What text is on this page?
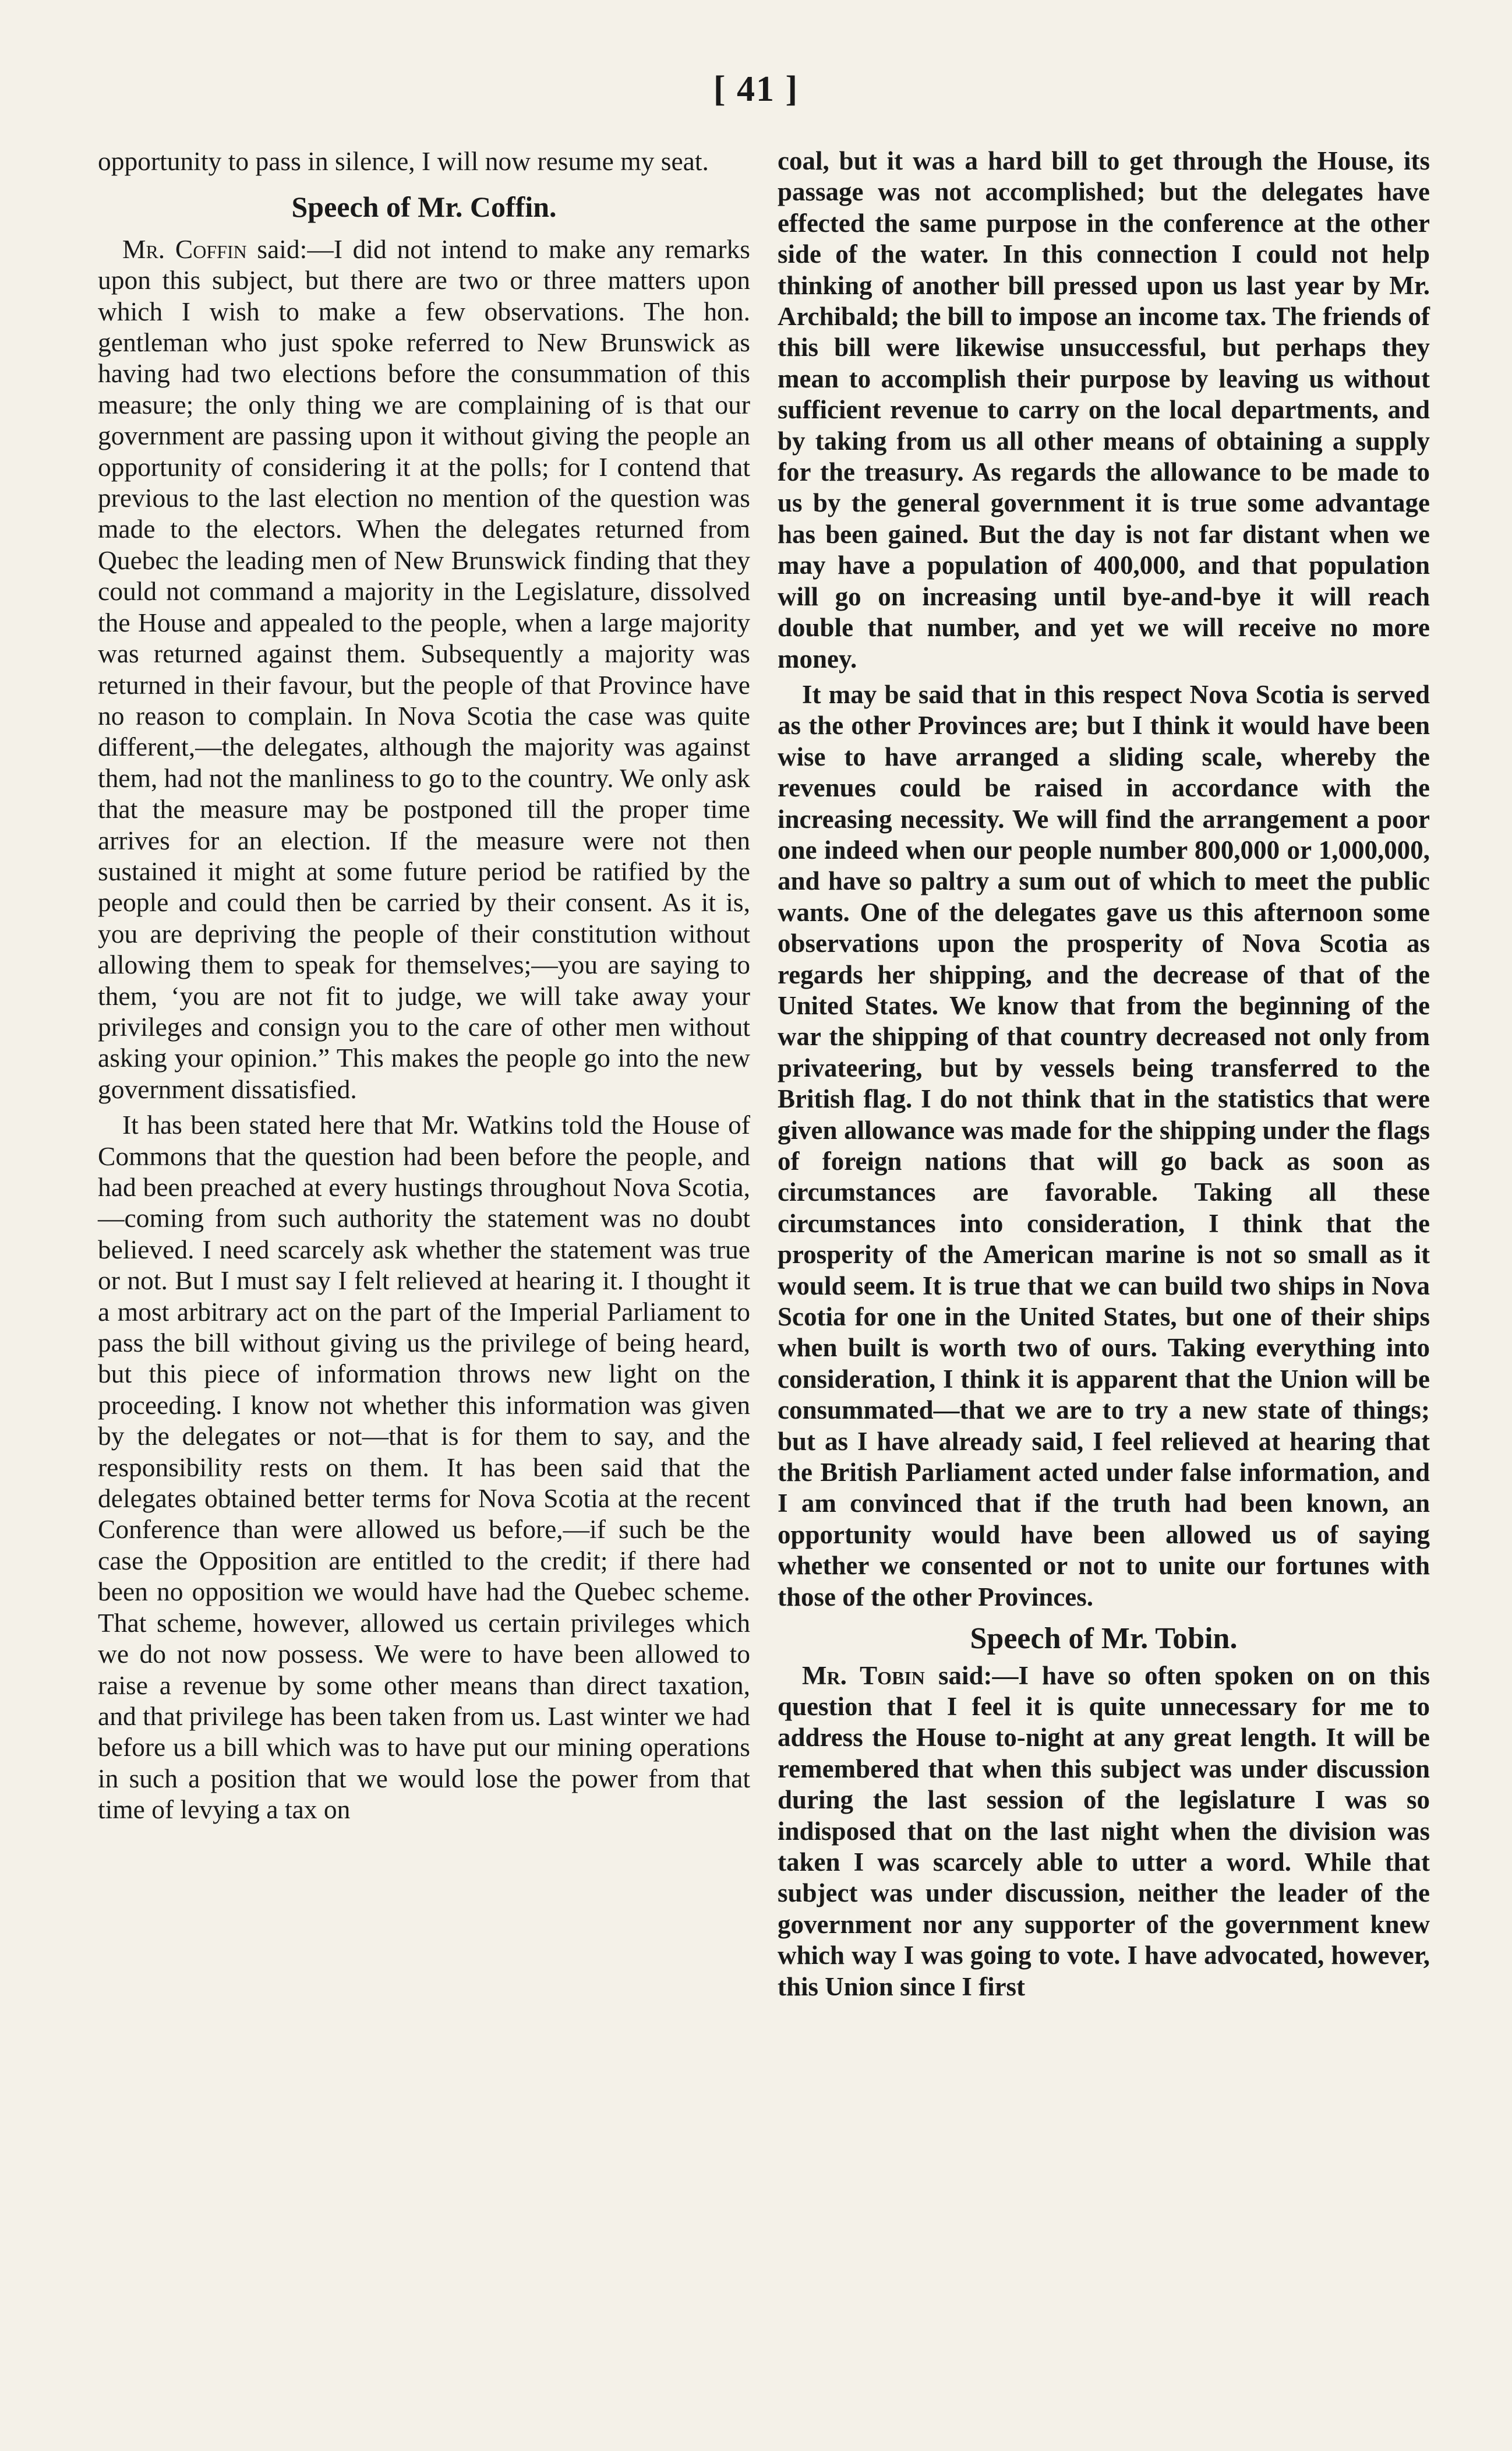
[ 41 ]

opportunity to pass in silence, I will now resume my seat.

Speech of Mr. Coffin.

Mr. Coffin said:—I did not intend to make any remarks upon this subject, but there are two or three matters upon which I wish to make a few observations. The hon. gentleman who just spoke referred to New Brunswick as having had two elections before the consummation of this measure; the only thing we are complaining of is that our government are passing upon it without giving the people an opportunity of considering it at the polls; for I contend that previous to the last election no mention of the question was made to the electors. When the delegates returned from Quebec the leading men of New Brunswick finding that they could not command a majority in the Legislature, dissolved the House and appealed to the people, when a large majority was returned against them. Subsequently a majority was returned in their favour, but the people of that Province have no reason to complain. In Nova Scotia the case was quite different,—the delegates, although the majority was against them, had not the manliness to go to the country. We only ask that the measure may be postponed till the proper time arrives for an election. If the measure were not then sustained it might at some future period be ratified by the people and could then be carried by their consent. As it is, you are depriving the people of their constitution without allowing them to speak for themselves;—you are saying to them, ‘you are not fit to judge, we will take away your privileges and consign you to the care of other men without asking your opinion.” This makes the people go into the new government dissatisfied.

It has been stated here that Mr. Watkins told the House of Commons that the question had been before the people, and had been preached at every hustings throughout Nova Scotia,—coming from such authority the statement was no doubt believed. I need scarcely ask whether the statement was true or not. But I must say I felt relieved at hearing it. I thought it a most arbitrary act on the part of the Imperial Parliament to pass the bill without giving us the privilege of being heard, but this piece of information throws new light on the proceeding. I know not whether this information was given by the delegates or not—that is for them to say, and the responsibility rests on them. It has been said that the delegates obtained better terms for Nova Scotia at the recent Conference than were allowed us before,—if such be the case the Opposition are entitled to the credit; if there had been no opposition we would have had the Quebec scheme. That scheme, however, allowed us certain privileges which we do not now possess. We were to have been allowed to raise a revenue by some other means than direct taxation, and that privilege has been taken from us. Last winter we had before us a bill which was to have put our mining operations in such a position that we would lose the power from that time of levying a tax on

coal, but it was a hard bill to get through the House, its passage was not accomplished; but the delegates have effected the same purpose in the conference at the other side of the water. In this connection I could not help thinking of another bill pressed upon us last year by Mr. Archibald; the bill to impose an income tax. The friends of this bill were likewise unsuccessful, but perhaps they mean to accomplish their purpose by leaving us without sufficient revenue to carry on the local departments, and by taking from us all other means of obtaining a supply for the treasury. As regards the allowance to be made to us by the general government it is true some advantage has been gained. But the day is not far distant when we may have a population of 400,000, and that population will go on increasing until bye-and-bye it will reach double that number, and yet we will receive no more money.

It may be said that in this respect Nova Scotia is served as the other Provinces are; but I think it would have been wise to have arranged a sliding scale, whereby the revenues could be raised in accordance with the increasing necessity. We will find the arrangement a poor one indeed when our people number 800,000 or 1,000,000, and have so paltry a sum out of which to meet the public wants. One of the delegates gave us this afternoon some observations upon the prosperity of Nova Scotia as regards her shipping, and the decrease of that of the United States. We know that from the beginning of the war the shipping of that country decreased not only from privateering, but by vessels being transferred to the British flag. I do not think that in the statistics that were given allowance was made for the shipping under the flags of foreign nations that will go back as soon as circumstances are favorable. Taking all these circumstances into consideration, I think that the prosperity of the American marine is not so small as it would seem. It is true that we can build two ships in Nova Scotia for one in the United States, but one of their ships when built is worth two of ours. Taking everything into consideration, I think it is apparent that the Union will be consummated—that we are to try a new state of things; but as I have already said, I feel relieved at hearing that the British Parliament acted under false information, and I am convinced that if the truth had been known, an opportunity would have been allowed us of saying whether we consented or not to unite our fortunes with those of the other Provinces.

Speech of Mr. Tobin.

Mr. Tobin said:—I have so often spoken on on this question that I feel it is quite unnecessary for me to address the House to-night at any great length. It will be remembered that when this subject was under discussion during the last session of the legislature I was so indisposed that on the last night when the division was taken I was scarcely able to utter a word. While that subject was under discussion, neither the leader of the government nor any supporter of the government knew which way I was going to vote. I have advocated, however, this Union since I first
